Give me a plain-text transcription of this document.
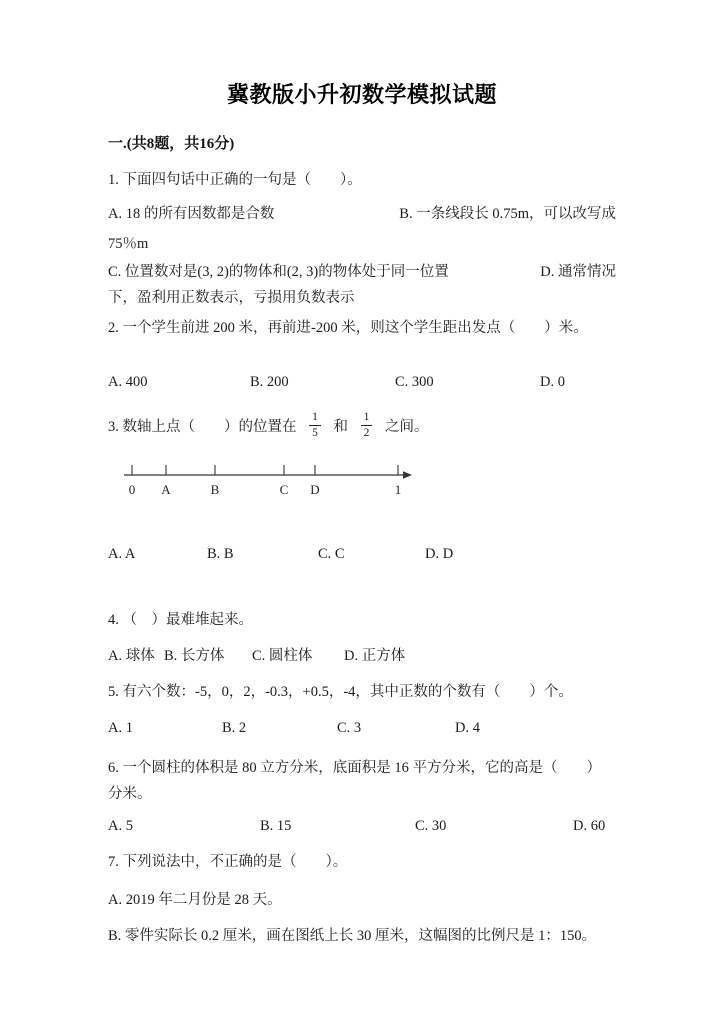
冀教版小升初数学模拟试题
一.(共8题，共16分)

1. 下面四句话中正确的一句是（　　）。

A. 18 的所有因数都是合数	B. 一条线段长 0.75m，可以改写成

75％m

C. 位置数对是(3, 2)的物体和(2, 3)的物体处于同一位置	D. 通常情况

下，盈利用正数表示，亏损用负数表示

2. 一个学生前进 200 米，再前进-200 米，则这个学生距出发点（　　）米。

A. 400	B. 200	C. 300	D. 0

3. 数轴上点（　　）的位置在 $\frac{1}{5}$ 和 $\frac{1}{2}$ 之间。

0 A	B	C D	1
A. A	B. B	C. C	D. D

4. （　）最难堆起来。

A. 球体 B. 长方体	C. 圆柱体	D. 正方体

5. 有六个数：-5，0，2，-0.3，+0.5，-4，其中正数的个数有（　　）个。

A. 1	B. 2	C. 3	D. 4

6. 一个圆柱的体积是 80 立方分米，底面积是 16 平方分米，它的高是（　　）

分米。

A. 5	B. 15	C. 30	D. 60

7. 下列说法中，不正确的是（　　）。

A. 2019 年二月份是 28 天。

B. 零件实际长 0.2 厘米，画在图纸上长 30 厘米，这幅图的比例尺是 1：150。
